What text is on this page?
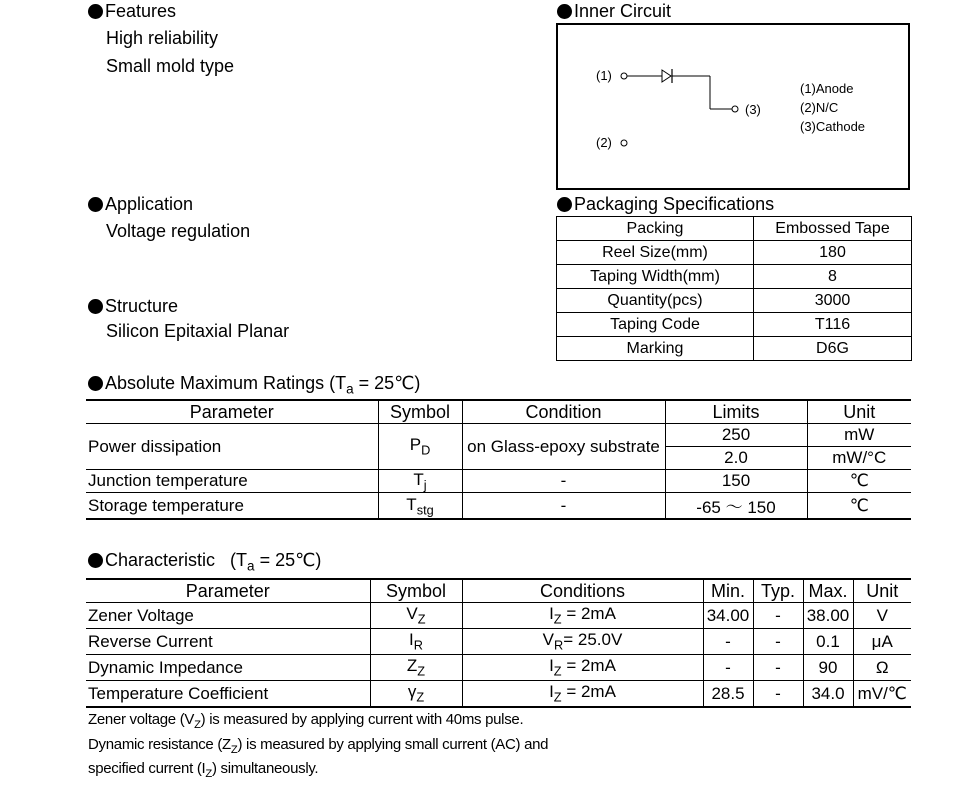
Features
High reliability
Small mold type
Inner Circuit
(1)
(2)
(3)
(1)Anode
(2)N/C
(3)Cathode
Application
Voltage regulation
Packaging Specifications
Packing	Embossed Tape
Reel Size(mm)	180
Taping Width(mm)	8
Quantity(pcs)	3000
Taping Code	T116
Marking	D6G
Structure
Silicon Epitaxial Planar
Absolute Maximum Ratings ($T_a$ = 25℃)
Parameter	Symbol	Condition	Limits	Unit
Power dissipation	$P_D$	on Glass-epoxy substrate	250	mW
			2.0	mW/°C
Junction temperature	$T_j$	-	150	℃
Storage temperature	$T_{stg}$	-	-65 ～ 150	℃
Characteristic ($T_a$ = 25℃)
Parameter	Symbol	Conditions	Min.	Typ.	Max.	Unit
Zener Voltage	$V_Z$	$I_Z = 2mA$	34.00	-	38.00	V
Reverse Current	$I_R$	$V_R= 25.0V$	-	-	0.1	μA
Dynamic Impedance	$Z_Z$	$I_Z = 2mA$	-	-	90	Ω
Temperature Coefficient	$\gamma_Z$	$I_Z = 2mA$	28.5	-	34.0	mV/℃
Zener voltage $(V_Z)$ is measured by applying current with 40ms pulse.
Dynamic resistance $(Z_Z)$ is measured by applying small current (AC) and
specified current $(I_Z)$ simultaneously.
